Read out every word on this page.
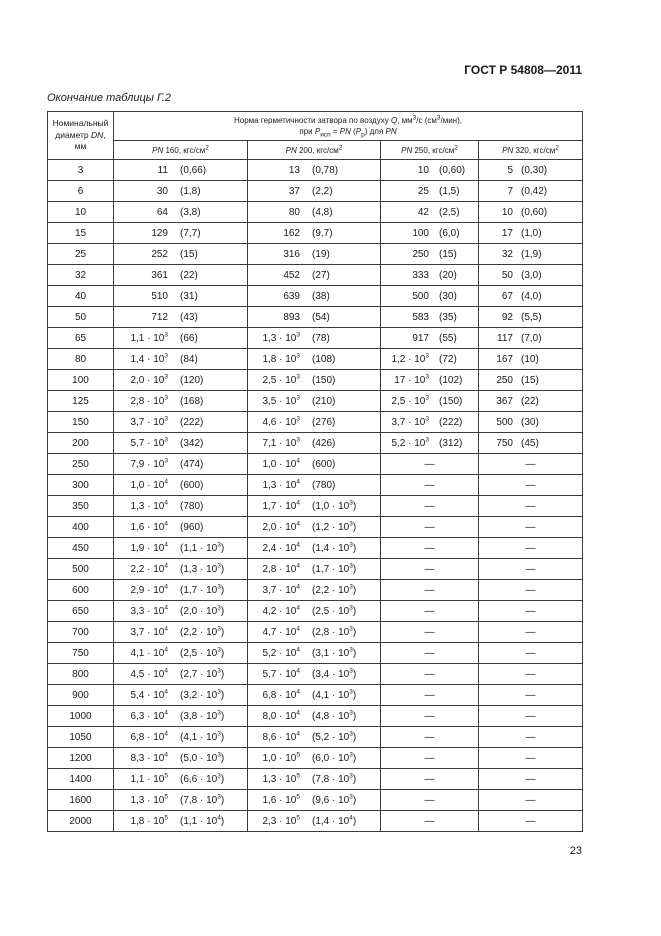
ГОСТ Р 54808—2011
Окончание таблицы Г.2
Номинальный
диаметр DN,
мм	Норма герметичности затвора по воздуху Q, $мм^3/с$ $(см^3/мин)$,
при $P_{исп}$ = PN $(P_р)$ для PN			
	PN 160, кгс/$см^2$	PN 200, кгс/$см^2$	PN 250, кгс/$см^2$	PN 320, кгс/$см^2$
3	11 (0,66)	13 (0,78)	10 (0,60)	5 (0,30)

6	30 (1,8)	37 (2,2)	25 (1,5)	7 (0,42)

10	64 (3,8)	80 (4,8)	42 (2,5)	10 (0,60)

15	129 (7,7)	162 (9,7)	100 (6,0)	17 (1,0)

25	252 (15)	316 (19)	250 (15)	32 (1,9)

32	361 (22)	452 (27)	333 (20)	50 (3,0)

40	510 (31)	639 (38)	500 (30)	67 (4,0)

50	712 (43)	893 (54)	583 (35)	92 (5,5)

65	$1,1 \cdot 10^3$ (66)	$1,3 \cdot 10^3$ (78)	917 (55)	117 (7,0)

80	$1,4 \cdot 10^3$ (84)	$1,8 \cdot 10^3$ (108)	$1,2 \cdot 10^3$ (72)	167 (10)

100	$2,0 \cdot 10^3$ (120)	$2,5 \cdot 10^3$ (150)	$17 \cdot 10^3$ (102)	250 (15)

125	$2,8 \cdot 10^3$ (168)	$3,5 \cdot 10^3$ (210)	$2,5 \cdot 10^3$ (150)	367 (22)

150	$3,7 \cdot 10^3$ (222)	$4,6 \cdot 10^3$ (276)	$3,7 \cdot 10^3$ (222)	500 (30)

200	$5,7 \cdot 10^3$ (342)	$7,1 \cdot 10^3$ (426)	$5,2 \cdot 10^3$ (312)	750 (45)

250	$7,9 \cdot 10^3$ (474)	$1,0 \cdot 10^4$ (600)	—	—
300	$1,0 \cdot 10^4$ (600)	$1,3 \cdot 10^4$ (780)	—	—
350	$1,3 \cdot 10^4$ (780)	$1,7 \cdot 10^4$ $(1,0 \cdot 10^3)$	—	—
400	$1,6 \cdot 10^4$ (960)	$2,0 \cdot 10^4$ $(1,2 \cdot 10^3)$	—	—
450	$1,9 \cdot 10^4$ $(1,1 \cdot 10^3)$	$2,4 \cdot 10^4$ $(1,4 \cdot 10^3)$	—	—
500	$2,2 \cdot 10^4$ $(1,3 \cdot 10^3)$	$2,8 \cdot 10^4$ $(1,7 \cdot 10^3)$	—	—
600	$2,9 \cdot 10^4$ $(1,7 \cdot 10^3)$	$3,7 \cdot 10^4$ $(2,2 \cdot 10^3)$	—	—
650	$3,3 \cdot 10^4$ $(2,0 \cdot 10^3)$	$4,2 \cdot 10^4$ $(2,5 \cdot 10^3)$	—	—
700	$3,7 \cdot 10^4$ $(2,2 \cdot 10^3)$	$4,7 \cdot 10^4$ $(2,8 \cdot 10^3)$	—	—
750	$4,1 \cdot 10^4$ $(2,5 \cdot 10^3)$	$5,2 \cdot 10^4$ $(3,1 \cdot 10^3)$	—	—
800	$4,5 \cdot 10^4$ $(2,7 \cdot 10^3)$	$5,7 \cdot 10^4$ $(3,4 \cdot 10^3)$	—	—
900	$5,4 \cdot 10^4$ $(3,2 \cdot 10^3)$	$6,8 \cdot 10^4$ $(4,1 \cdot 10^3)$	—	—
1000	$6,3 \cdot 10^4$ $(3,8 \cdot 10^3)$	$8,0 \cdot 10^4$ $(4,8 \cdot 10^3)$	—	—
1050	$6,8 \cdot 10^4$ $(4,1 \cdot 10^3)$	$8,6 \cdot 10^4$ $(5,2 \cdot 10^3)$	—	—
1200	$8,3 \cdot 10^4$ $(5,0 \cdot 10^3)$	$1,0 \cdot 10^5$ $(6,0 \cdot 10^3)$	—	—
1400	$1,1 \cdot 10^5$ $(6,6 \cdot 10^3)$	$1,3 \cdot 10^5$ $(7,8 \cdot 10^3)$	—	—
1600	$1,3 \cdot 10^5$ $(7,8 \cdot 10^3)$	$1,6 \cdot 10^5$ $(9,6 \cdot 10^3)$	—	—
2000	$1,8 \cdot 10^5$ $(1,1 \cdot 10^4)$	$2,3 \cdot 10^5$ $(1,4 \cdot 10^4)$	—	—
23
